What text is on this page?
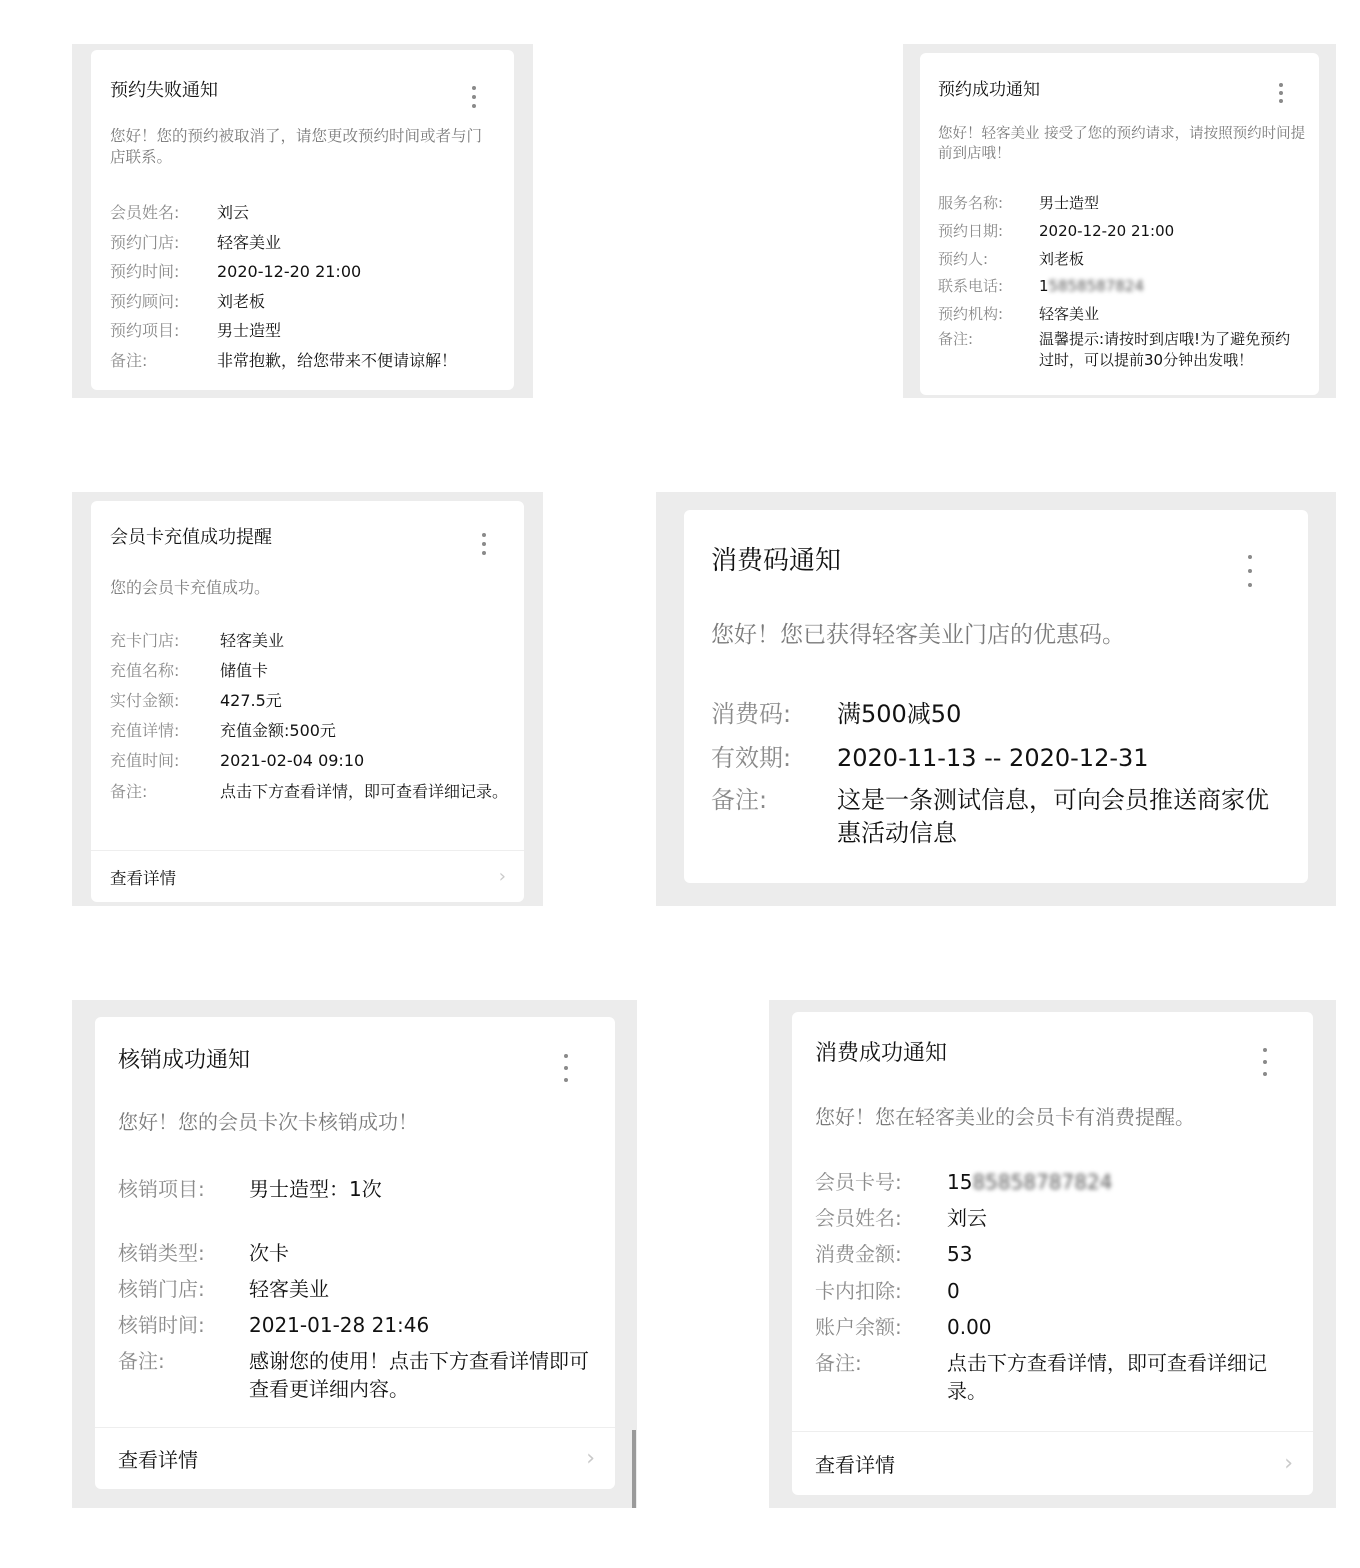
预约失败通知
您好！您的预约被取消了，请您更改预约时间或者与门店联系。
会员姓名:	刘云
预约门店:	轻客美业
预约时间:	2020-12-20 21:00
预约顾问:	刘老板
预约项目:	男士造型
备注:	非常抱歉，给您带来不便请谅解！
预约成功通知
您好！轻客美业 接受了您的预约请求，请按照预约时间提前到店哦！
服务名称:	男士造型
预约日期:	2020-12-20 21:00
预约人:	刘老板
联系电话:	15858587824
预约机构:	轻客美业
备注:	温馨提示:请按时到店哦!为了避免预约过时，可以提前30分钟出发哦！
会员卡充值成功提醒
您的会员卡充值成功。
充卡门店:	轻客美业
充值名称:	储值卡
实付金额:	427.5元
充值详情:	充值金额:500元
充值时间:	2021-02-04 09:10
备注:	点击下方查看详情，即可查看详细记录。
查看详情	›
消费码通知
您好！您已获得轻客美业门店的优惠码。
消费码:	满500减50
有效期:	2020-11-13 -- 2020-12-31
备注:	这是一条测试信息，可向会员推送商家优惠活动信息
核销成功通知
您好！您的会员卡次卡核销成功！
核销项目:	男士造型：1次
核销类型:	次卡
核销门店:	轻客美业
核销时间:	2021-01-28 21:46
备注:	感谢您的使用！点击下方查看详情即可查看更详细内容。
查看详情	›
消费成功通知
您好！您在轻客美业的会员卡有消费提醒。
会员卡号:	1585858787824
会员姓名:	刘云
消费金额:	53
卡内扣除:	0
账户余额:	0.00
备注:	点击下方查看详情，即可查看详细记录。
查看详情	›
